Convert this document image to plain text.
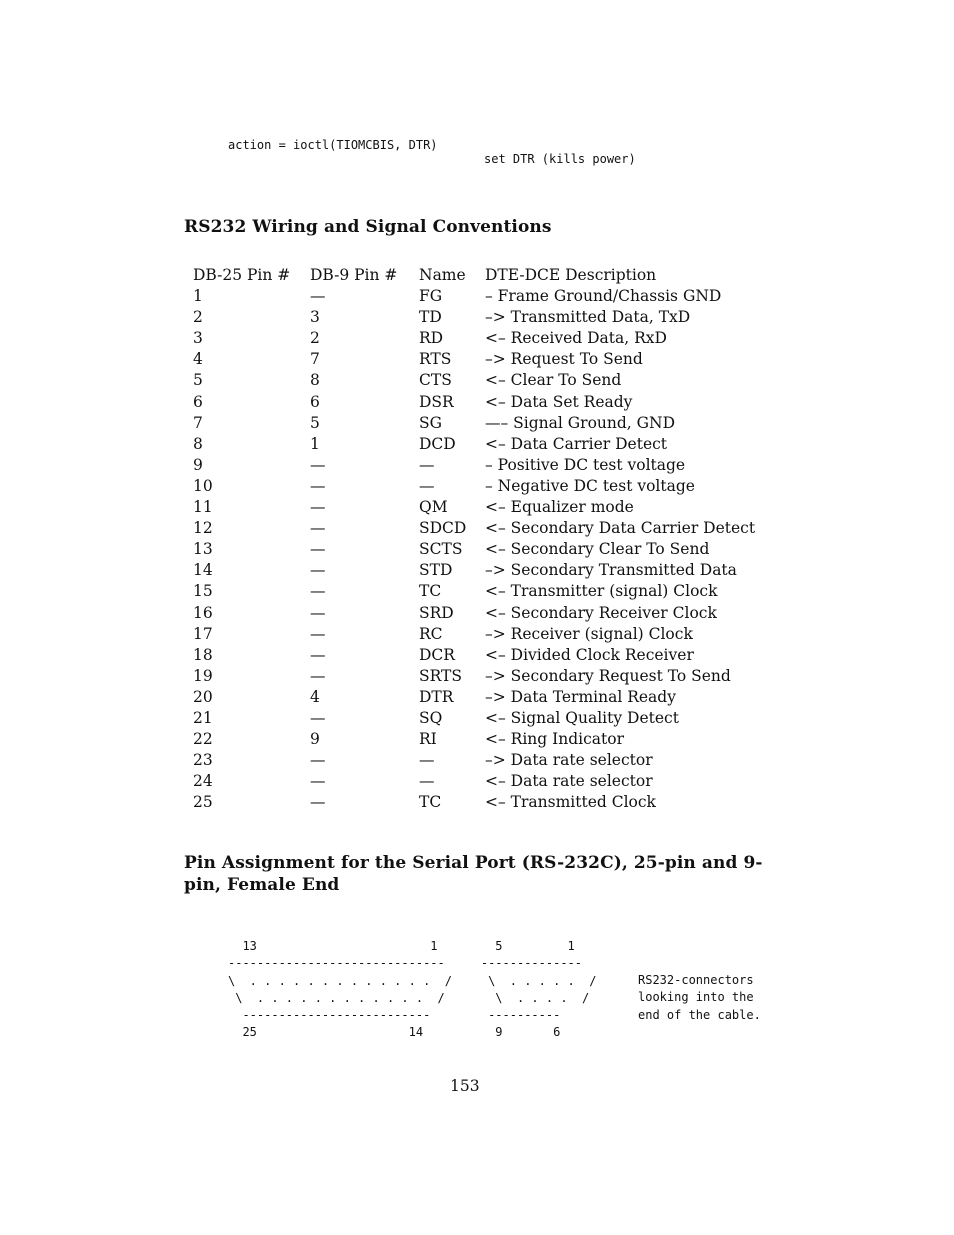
action = ioctl(TIOMCBIS, DTR)

set DTR (kills power)

RS232 Wiring and Signal Conventions
DB-25 Pin #	DB-9 Pin #	Name	DTE-DCE Description
1	—	FG	– Frame Ground/Chassis GND
2	3	TD	–> Transmitted Data, TxD
3	2	RD	<– Received Data, RxD
4	7	RTS	–> Request To Send
5	8	CTS	<– Clear To Send
6	6	DSR	<– Data Set Ready
7	5	SG	—– Signal Ground, GND
8	1	DCD	<– Data Carrier Detect
9	—	—	– Positive DC test voltage
10	—	—	– Negative DC test voltage
11	—	QM	<– Equalizer mode
12	—	SDCD	<– Secondary Data Carrier Detect
13	—	SCTS	<– Secondary Clear To Send
14	—	STD	–> Secondary Transmitted Data
15	—	TC	<– Transmitter (signal) Clock
16	—	SRD	<– Secondary Receiver Clock
17	—	RC	–> Receiver (signal) Clock
18	—	DCR	<– Divided Clock Receiver
19	—	SRTS	–> Secondary Request To Send
20	4	DTR	–> Data Terminal Ready
21	—	SQ	<– Signal Quality Detect
22	9	RI	<– Ring Indicator
23	—	—	–> Data rate selector
24	—	—	<– Data rate selector
25	—	TC	<– Transmitted Clock
Pin Assignment for the Serial Port (RS-232C), 25-pin and 9-pin, Female End
13                        1        5         1
------------------------------     --------------
\  . . . . . . . . . . . . .  /     \  . . . . .  /
\  . . . . . . . . . . . .  /       \  . . . .  /
--------------------------        ----------
25                     14          9       6
RS232-connectors
looking into the
end of the cable.
153
